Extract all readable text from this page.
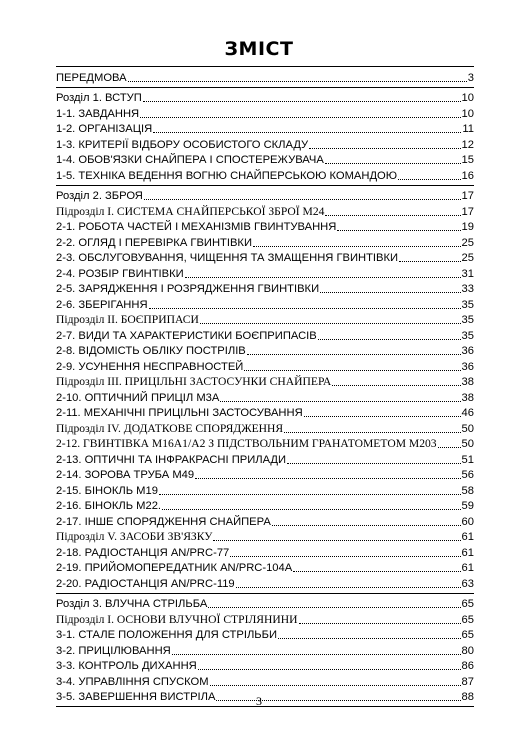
ЗМІСТ
ПЕРЕДМОВА	3
Розділ 1. ВСТУП	10
1-1. ЗАВДАННЯ	10
1-2. ОРГАНІЗАЦІЯ	11
1-3. КРИТЕРІЇ ВІДБОРУ ОСОБИСТОГО СКЛАДУ	12
1-4. ОБОВ'ЯЗКИ СНАЙПЕРА І СПОСТЕРЕЖУВАЧА	15
1-5. ТЕХНІКА ВЕДЕННЯ ВОГНЮ СНАЙПЕРСЬКОЮ КОМАНДОЮ	16
Розділ 2. ЗБРОЯ	17
Підрозділ I. СИСТЕМА СНАЙПЕРСЬКОЇ ЗБРОЇ М24	17
2-1. РОБОТА ЧАСТЕЙ І МЕХАНІЗМІВ ГВИНТУВАННЯ	19
2-2. ОГЛЯД І ПЕРЕВІРКА ГВИНТІВКИ	25
2-3. ОБСЛУГОВУВАННЯ, ЧИЩЕННЯ ТА ЗМАЩЕННЯ ГВИНТІВКИ	25
2-4. РОЗБІР ГВИНТІВКИ	31
2-5. ЗАРЯДЖЕННЯ І РОЗРЯДЖЕННЯ ГВИНТІВКИ	33
2-6. ЗБЕРІГАННЯ	35
Підрозділ II. БОЄПРИПАСИ	35
2-7. ВИДИ ТА ХАРАКТЕРИСТИКИ БОЄПРИПАСІВ	35
2-8. ВІДОМІСТЬ ОБЛІКУ ПОСТРІЛІВ	36
2-9. УСУНЕННЯ НЕСПРАВНОСТЕЙ	36
Підрозділ III. ПРИЦІЛЬНІ ЗАСТОСУНКИ СНАЙПЕРА	38
2-10. ОПТИЧНИЙ ПРИЦІЛ М3А	38
2-11. МЕХАНІЧНІ ПРИЦІЛЬНІ ЗАСТОСУВАННЯ	46
Підрозділ IV. ДОДАТКОВЕ СПОРЯДЖЕННЯ	50
2-12. ГВИНТІВКА М16А1/А2 З ПІДСТВОЛЬНИМ ГРАНАТОМЕТОМ М203 50
2-13. ОПТИЧНІ ТА ІНФРАКРАСНІ ПРИЛАДИ	51
2-14. ЗОРОВА ТРУБА М49	56
2-15. БІНОКЛЬ М19	58
2-16. БІНОКЛЬ М22.	59
2-17. ІНШЕ СПОРЯДЖЕННЯ СНАЙПЕРА	60
Підрозділ V. ЗАСОБИ ЗВ'ЯЗКУ	61
2-18. РАДІОСТАНЦІЯ AN/PRC-77	61
2-19. ПРИЙОМОПЕРЕДАТНИК AN/PRC-104A	61
2-20. РАДІОСТАНЦІЯ AN/PRC-119	63
Розділ 3. ВЛУЧНА СТРІЛЬБА	65
Підрозділ I. ОСНОВИ ВЛУЧНОЇ СТРІЛЯНИНИ	65
3-1. СТАЛЕ ПОЛОЖЕННЯ ДЛЯ СТРІЛЬБИ	65
3-2. ПРИЦІЛЮВАННЯ	80
3-3. КОНТРОЛЬ ДИХАННЯ	86
3-4. УПРАВЛІННЯ СПУСКОМ	87
3-5. ЗАВЕРШЕННЯ ВИСТРІЛА	88
3
